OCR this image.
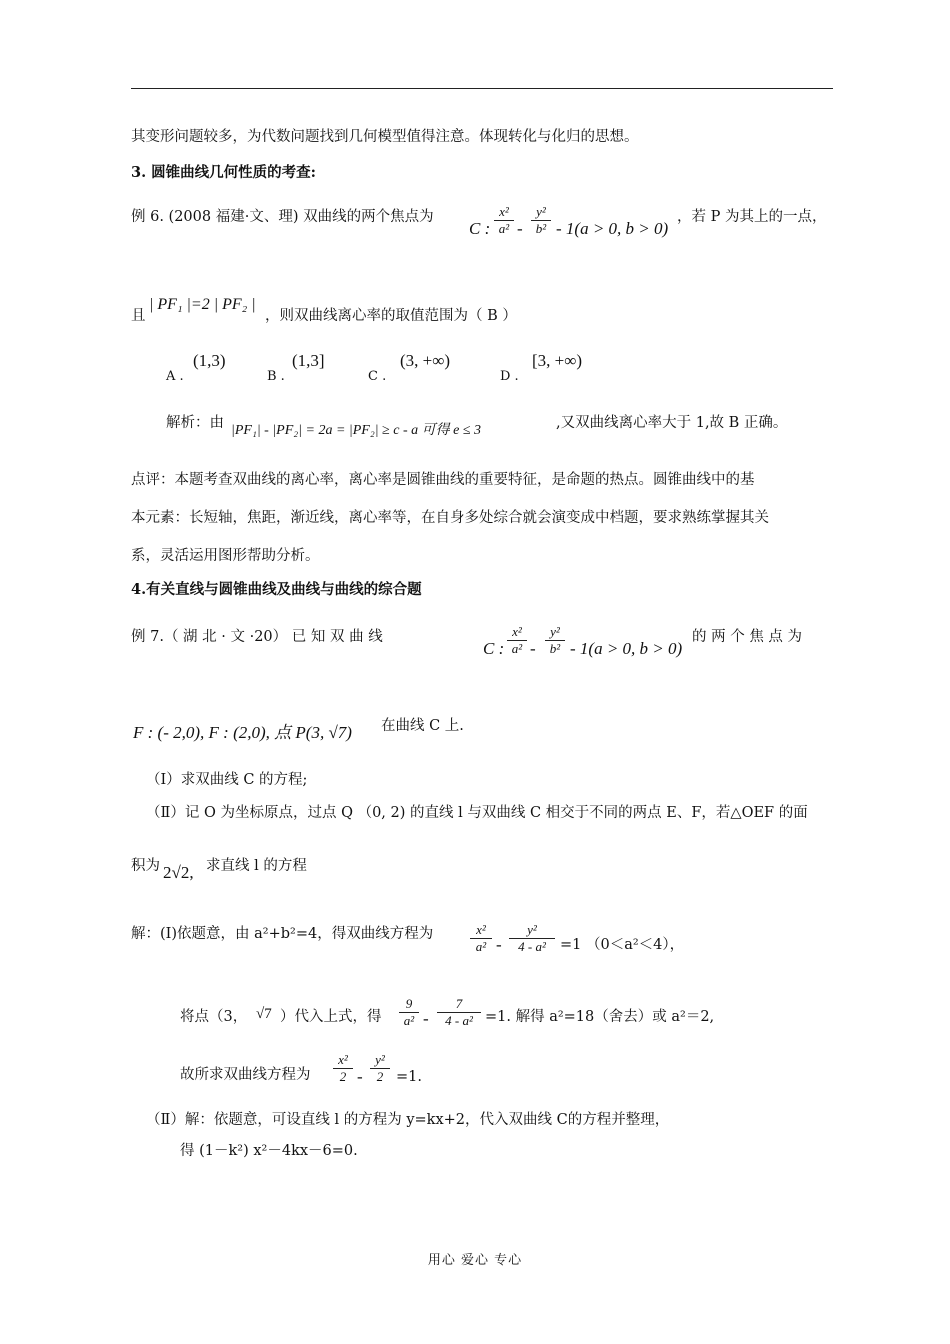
其变形问题较多，为代数问题找到几何模型值得注意。体现转化与化归的思想。
3. 圆锥曲线几何性质的考查:
例 6. (2008 福建·文、理) 双曲线的两个焦点为
C :
x²
a²
y²
b²
- - 1(a > 0, b > 0)
，若 P 为其上的一点，
且
| PF₁ |=2 | PF₂ |
，则双曲线离心率的取值范围为（ B ）
A .
(1,3)
B .
(1,3]
C .
(3, +∞)
D .
[3, +∞)
解析：由 |PF₁| - |PF₂| = 2a = |PF₂| ≥ c - a 可得 e ≤ 3	,又双曲线离心率大于 1,故 B 正确。
点评：本题考查双曲线的离心率，离心率是圆锥曲线的重要特征，是命题的热点。圆锥曲线中的基
本元素：长短轴，焦距，渐近线，离心率等，在自身多处综合就会演变成中档题，要求熟练掌握其关
系，灵活运用图形帮助分析。
4.有关直线与圆锥曲线及曲线与曲线的综合题
例 7.（ 湖 北 · 文 ·20） 已 知 双 曲 线
C :
x²
a² -
y²
b² - 1(a > 0, b > 0)
的 两 个 焦 点 为
F : (- 2,0), F : (2,0), 点 P(3, √7) 在曲线 C 上.
（Ⅰ）求双曲线 C 的方程;
（Ⅱ）记 O 为坐标原点，过点 Q （0, 2) 的直线 l 与双曲线 C 相交于不同的两点 E、F，若△OEF 的面
积为 2√2, 求直线 l 的方程
解：(Ⅰ)依题意，由 a²+b²=4，得双曲线方程为	x²
a² -
y²
4 - a² =1 （0＜a²＜4），
将点（3， √7 ）代入上式，得
9
a² -
7
4 - a² =1. 解得 a²=18（舍去）或 a²＝2,
故所求双曲线方程为
x²
2 -
y²
2 =1.
（Ⅱ）解：依题意，可设直线 l 的方程为 y=kx+2，代入双曲线 C的方程并整理，
得 (1－k²) x²－4kx－6=0.
用心 爱心 专心
